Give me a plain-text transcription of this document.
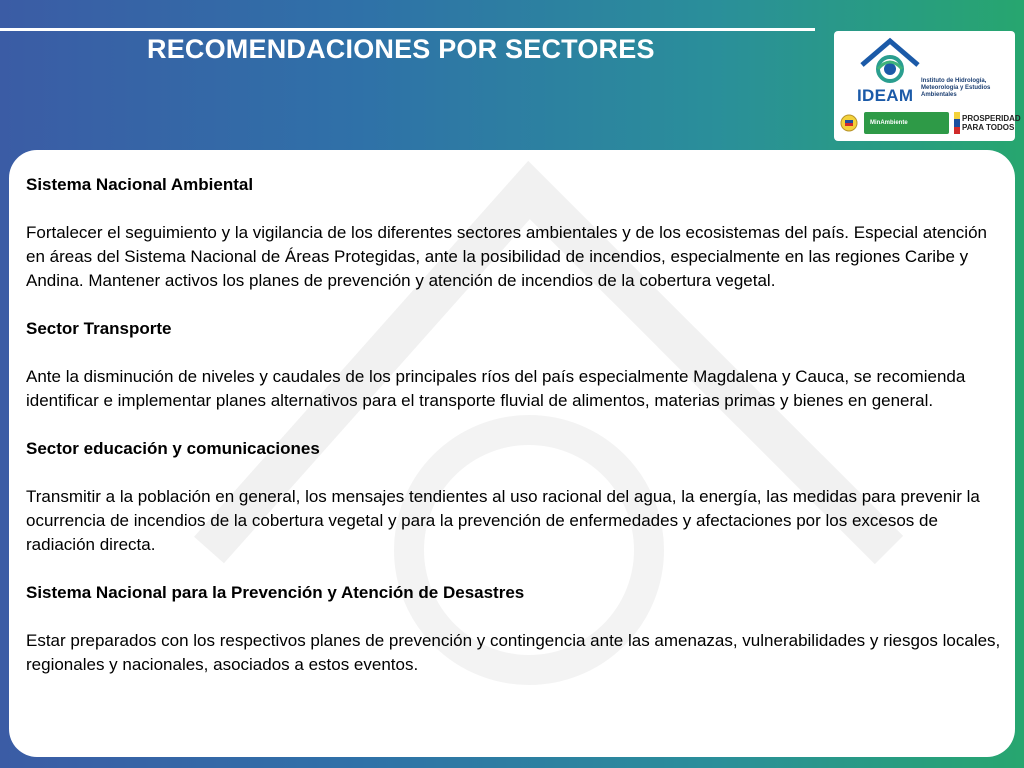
RECOMENDACIONES POR SECTORES
IDEAM
Instituto de Hidrología, Meteorología y Estudios Ambientales
MinAmbiente	PROSPERIDAD
PARA TODOS

Sistema Nacional Ambiental

Fortalecer el seguimiento y la vigilancia de los diferentes sectores ambientales y de los ecosistemas del país. Especial atención en áreas del Sistema Nacional de Áreas Protegidas, ante la posibilidad de incendios, especialmente en las regiones Caribe y Andina. Mantener activos los planes de prevención y atención de incendios de la cobertura vegetal.

Sector Transporte

Ante la disminución de niveles y caudales de los principales ríos del país especialmente Magdalena y Cauca, se recomienda identificar e implementar planes alternativos para el transporte fluvial de alimentos, materias primas y bienes en general.

Sector educación y comunicaciones

Transmitir a la población en general, los mensajes tendientes al uso racional del agua, la energía, las medidas para prevenir la ocurrencia de incendios de la cobertura vegetal y para la prevención de enfermedades y afectaciones por los excesos de radiación directa.

Sistema Nacional para la Prevención y Atención de Desastres

Estar preparados con los respectivos planes de prevención y contingencia ante las amenazas, vulnerabilidades y riesgos locales, regionales y nacionales, asociados a estos eventos.
